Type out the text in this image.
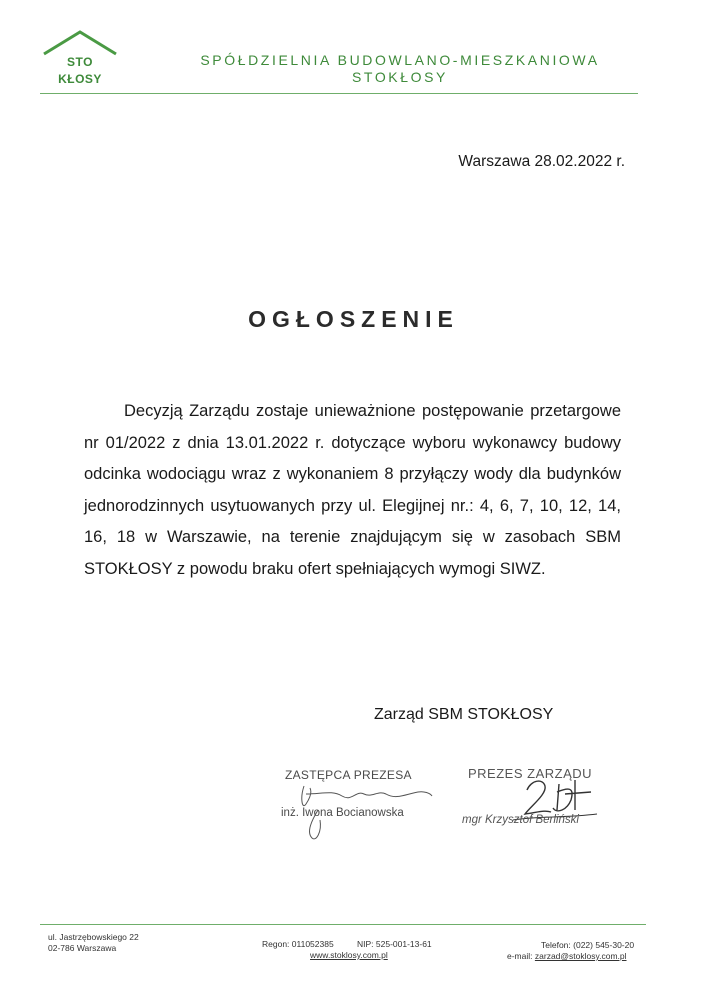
STO
KŁOSY
SPÓŁDZIELNIA BUDOWLANO-MIESZKANIOWA
STOKŁOSY
Warszawa 28.02.2022 r.
OGŁOSZENIE
Decyzją Zarządu zostaje unieważnione postępowanie przetargowe nr 01/2022 z dnia 13.01.2022 r. dotyczące wyboru wykonawcy budowy odcinka wodociągu wraz z wykonaniem 8 przyłączy wody dla budynków jednorodzinnych usytuowanych przy ul. Elegijnej nr.: 4, 6, 7, 10, 12, 14, 16, 18 w Warszawie, na terenie znajdującym się w zasobach SBM STOKŁOSY z powodu braku ofert spełniających wymogi SIWZ.
Zarząd SBM STOKŁOSY
ZASTĘPCA PREZESA
inż. Iwona Bocianowska
PREZES ZARZĄDU
mgr Krzysztof Berliński
ul. Jastrzębowskiego 22
02-786 Warszawa	Regon: 011052385	NIP: 525-001-13-61
www.stoklosy.com.pl
Telefon: (022) 545-30-20
e-mail: zarzad@stoklosy.com.pl
